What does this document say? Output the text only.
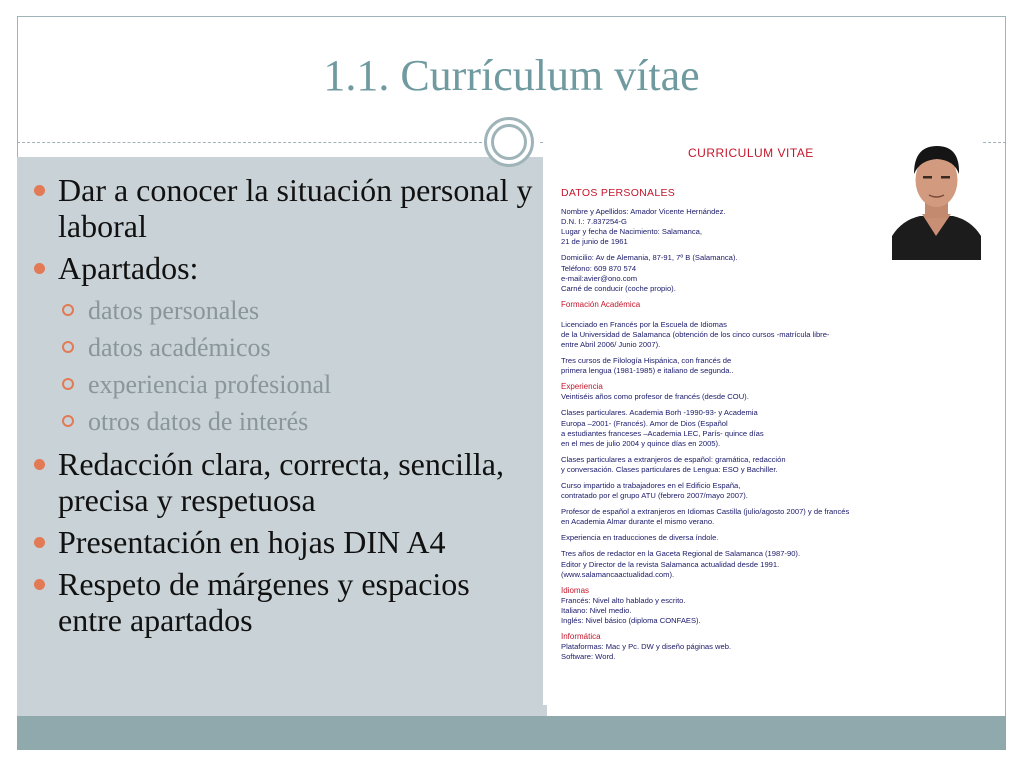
1.1. Currículum vítae
Dar a conocer la situación personal y laboral
Apartados:
datos personales
datos académicos
experiencia profesional
otros datos de interés
Redacción clara, correcta, sencilla, precisa y respetuosa
Presentación en hojas DIN A4
Respeto de márgenes y espacios entre apartados
CURRICULUM VITAE
DATOS PERSONALES
Nombre y Apellidos: Amador Vicente Hernández.
D.N. I.: 7.837254-G
Lugar y fecha de Nacimiento: Salamanca,
21 de junio de 1961
Domicilio: Av de Alemania, 87-91, 7º B (Salamanca).
Teléfono: 609 870 574
e-mail:avier@ono.com
Carné de conducir (coche propio).
Formación Académica
Licenciado en Francés por la Escuela de Idiomas
de la Universidad de Salamanca (obtención de los cinco cursos -matrícula libre-
entre Abril 2006/ Junio 2007).
Tres cursos de Filología Hispánica, con francés de
primera lengua (1981-1985) e italiano de segunda..
Experiencia
Veintiséis años como profesor de francés (desde COU).
Clases particulares. Academia Borh -1990-93- y Academia
Europa –2001- (Francés). Amor de Dios (Español
a estudiantes franceses –Academia LEC, París- quince días
en el mes de julio 2004 y quince días en 2005).
Clases particulares a extranjeros de español: gramática, redacción
y conversación. Clases particulares de Lengua: ESO y Bachiller.
Curso impartido a trabajadores en el Edificio España,
contratado por el grupo ATU (febrero 2007/mayo 2007).
Profesor de español a extranjeros en Idiomas Castilla (julio/agosto 2007) y de francés
en Academia Almar durante el mismo verano.
Experiencia en traducciones de diversa índole.
Tres años de redactor en la Gaceta Regional de Salamanca (1987-90).
Editor y Director de la revista Salamanca actualidad desde 1991.
(www.salamancaactualidad.com).
Idiomas
Francés: Nivel alto hablado y escrito.
Italiano: Nivel medio.
Inglés: Nivel básico (diploma CONFAES).
Informática
Plataformas: Mac y Pc. DW y diseño páginas web.
Software: Word.
